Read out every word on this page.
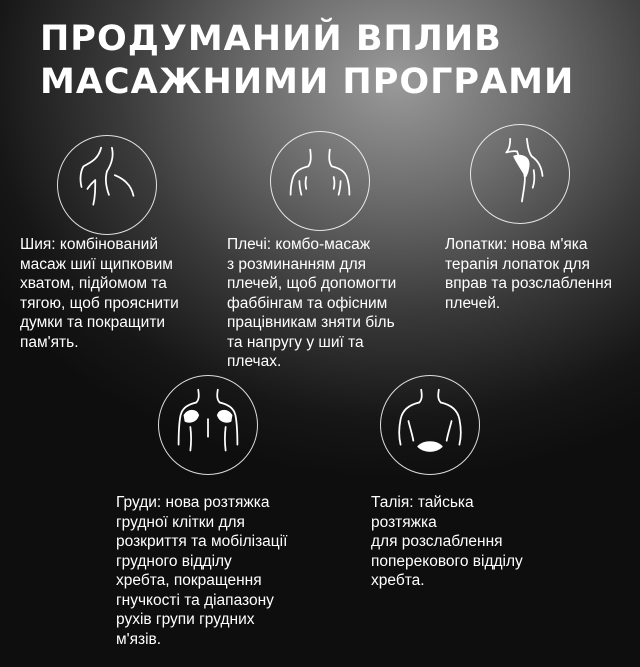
ПРОДУМАНИЙ ВПЛИВ
МАСАЖНИМИ ПРОГРАМИ

Шия: комбінований
масаж шиї щипковим
хватом, підйомом та
тягою, щоб прояснити
думки та покращити
пам'ять.

Плечі: комбо-масаж
з розминанням для
плечей, щоб допомогти
фаббінгам та офісним
працівникам зняти біль
та напругу у шиї та
плечах.

Лопатки: нова м'яка
терапія лопаток для
вправ та розслаблення
плечей.

Груди: нова розтяжка
грудної клітки для
розкриття та мобілізації
грудного відділу
хребта, покращення
гнучкості та діапазону
рухів групи грудних
м'язів.

Талія: тайська
розтяжка
для розслаблення
поперекового відділу
хребта.
